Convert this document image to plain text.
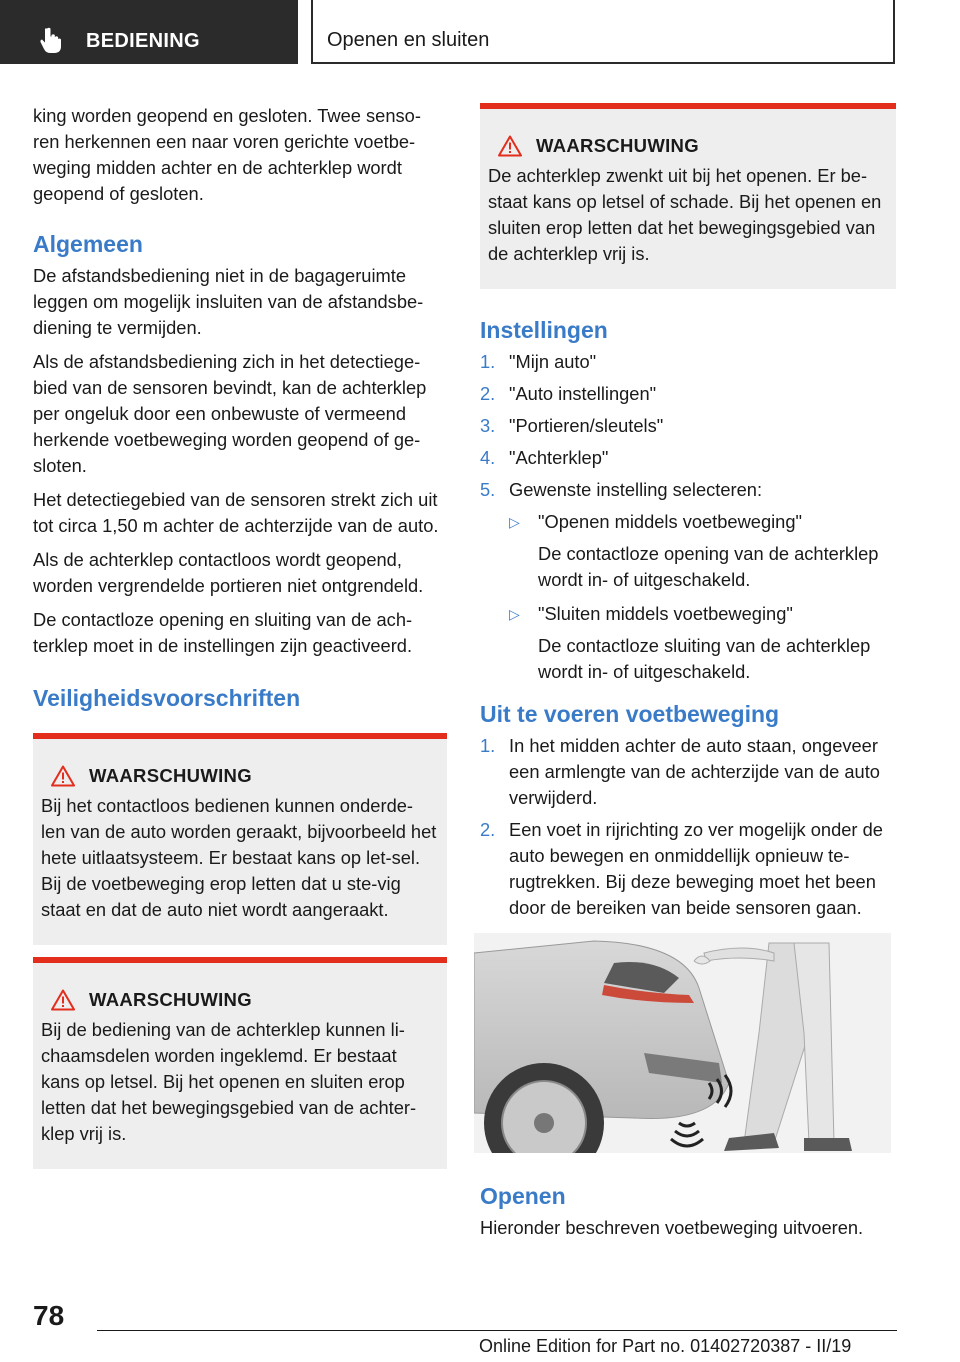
BEDIENING	Openen en sluiten

king worden geopend en gesloten. Twee senso-ren herkennen een naar voren gerichte voetbe-weging midden achter en de achterklep wordt geopend of gesloten.

Algemeen

De afstandsbediening niet in de bagageruimte leggen om mogelijk insluiten van de afstandsbe-diening te vermijden.

Als de afstandsbediening zich in het detectiege-bied van de sensoren bevindt, kan de achterklep per ongeluk door een onbewuste of vermeend herkende voetbeweging worden geopend of ge-sloten.

Het detectiegebied van de sensoren strekt zich uit tot circa 1,50 m achter de achterzijde van de auto.

Als de achterklep contactloos wordt geopend, worden vergrendelde portieren niet ontgrendeld.

De contactloze opening en sluiting van de ach-terklep moet in de instellingen zijn geactiveerd.

Veiligheidsvoorschriften
WAARSCHUWING

Bij het contactloos bedienen kunnen onderde-len van de auto worden geraakt, bijvoorbeeld het hete uitlaatsysteem. Er bestaat kans op let-sel. Bij de voetbeweging erop letten dat u ste-vig staat en dat de auto niet wordt aangeraakt.

WAARSCHUWING

Bij de bediening van de achterklep kunnen li-chaamsdelen worden ingeklemd. Er bestaat kans op letsel. Bij het openen en sluiten erop letten dat het bewegingsgebied van de achter-klep vrij is.

WAARSCHUWING

De achterklep zwenkt uit bij het openen. Er be-staat kans op letsel of schade. Bij het openen en sluiten erop letten dat het bewegingsgebied van de achterklep vrij is.

Instellingen
1. "Mijn auto"
2. "Auto instellingen"
3. "Portieren/sleutels"
4. "Achterklep"
5. Gewenste instelling selecteren:
▷ "Openen middels voetbeweging"
De contactloze opening van de achterklep wordt in- of uitgeschakeld.
▷ "Sluiten middels voetbeweging"
De contactloze sluiting van de achterklep wordt in- of uitgeschakeld.
Uit te voeren voetbeweging
1. In het midden achter de auto staan, ongeveer een armlengte van de achterzijde van de auto verwijderd.
2. Een voet in rijrichting zo ver mogelijk onder de auto bewegen en onmiddellijk opnieuw te-rugtrekken. Bij deze beweging moet het been door de bereiken van beide sensoren gaan.
Openen

Hieronder beschreven voetbeweging uitvoeren.

78
Online Edition for Part no. 01402720387 - II/19
